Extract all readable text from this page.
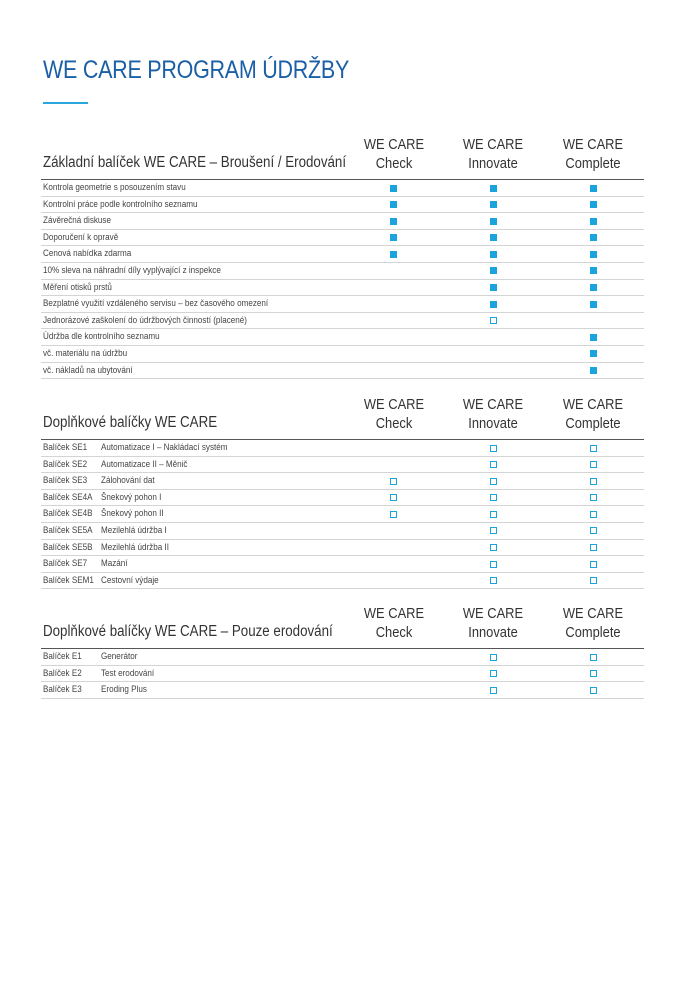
WE CARE PROGRAM ÚDRŽBY
Základní balíček WE CARE – Broušení / Erodování
WE CARE
Check
WE CARE
Innovate
WE CARE
Complete
Kontrola geometrie s posouzením stavu
Kontrolní práce podle kontrolního seznamu
Závěrečná diskuse
Doporučení k opravě
Cenová nabídka zdarma
10% sleva na náhradní díly vyplývající z inspekce
Měření otisků prstů
Bezplatné využití vzdáleného servisu – bez časového omezení
Jednorázové zaškolení do údržbových činností (placené)
Údržba dle kontrolního seznamu
vč. materiálu na údržbu
vč. nákladů na ubytování
Doplňkové balíčky WE CARE
WE CARE
Check
WE CARE
Innovate
WE CARE
Complete
Balíček SE1 Automatizace I – Nakládací systém
Balíček SE2 Automatizace II – Měnič
Balíček SE3 Zálohování dat
Balíček SE4A Šnekový pohon I
Balíček SE4B Šnekový pohon II
Balíček SE5A Mezilehlá údržba I
Balíček SE5B Mezilehlá údržba II
Balíček SE7 Mazání
Balíček SEM1 Cestovní výdaje
Doplňkové balíčky WE CARE – Pouze erodování
WE CARE
Check
WE CARE
Innovate
WE CARE
Complete
Balíček E1 Generátor
Balíček E2 Test erodování
Balíček E3 Eroding Plus
